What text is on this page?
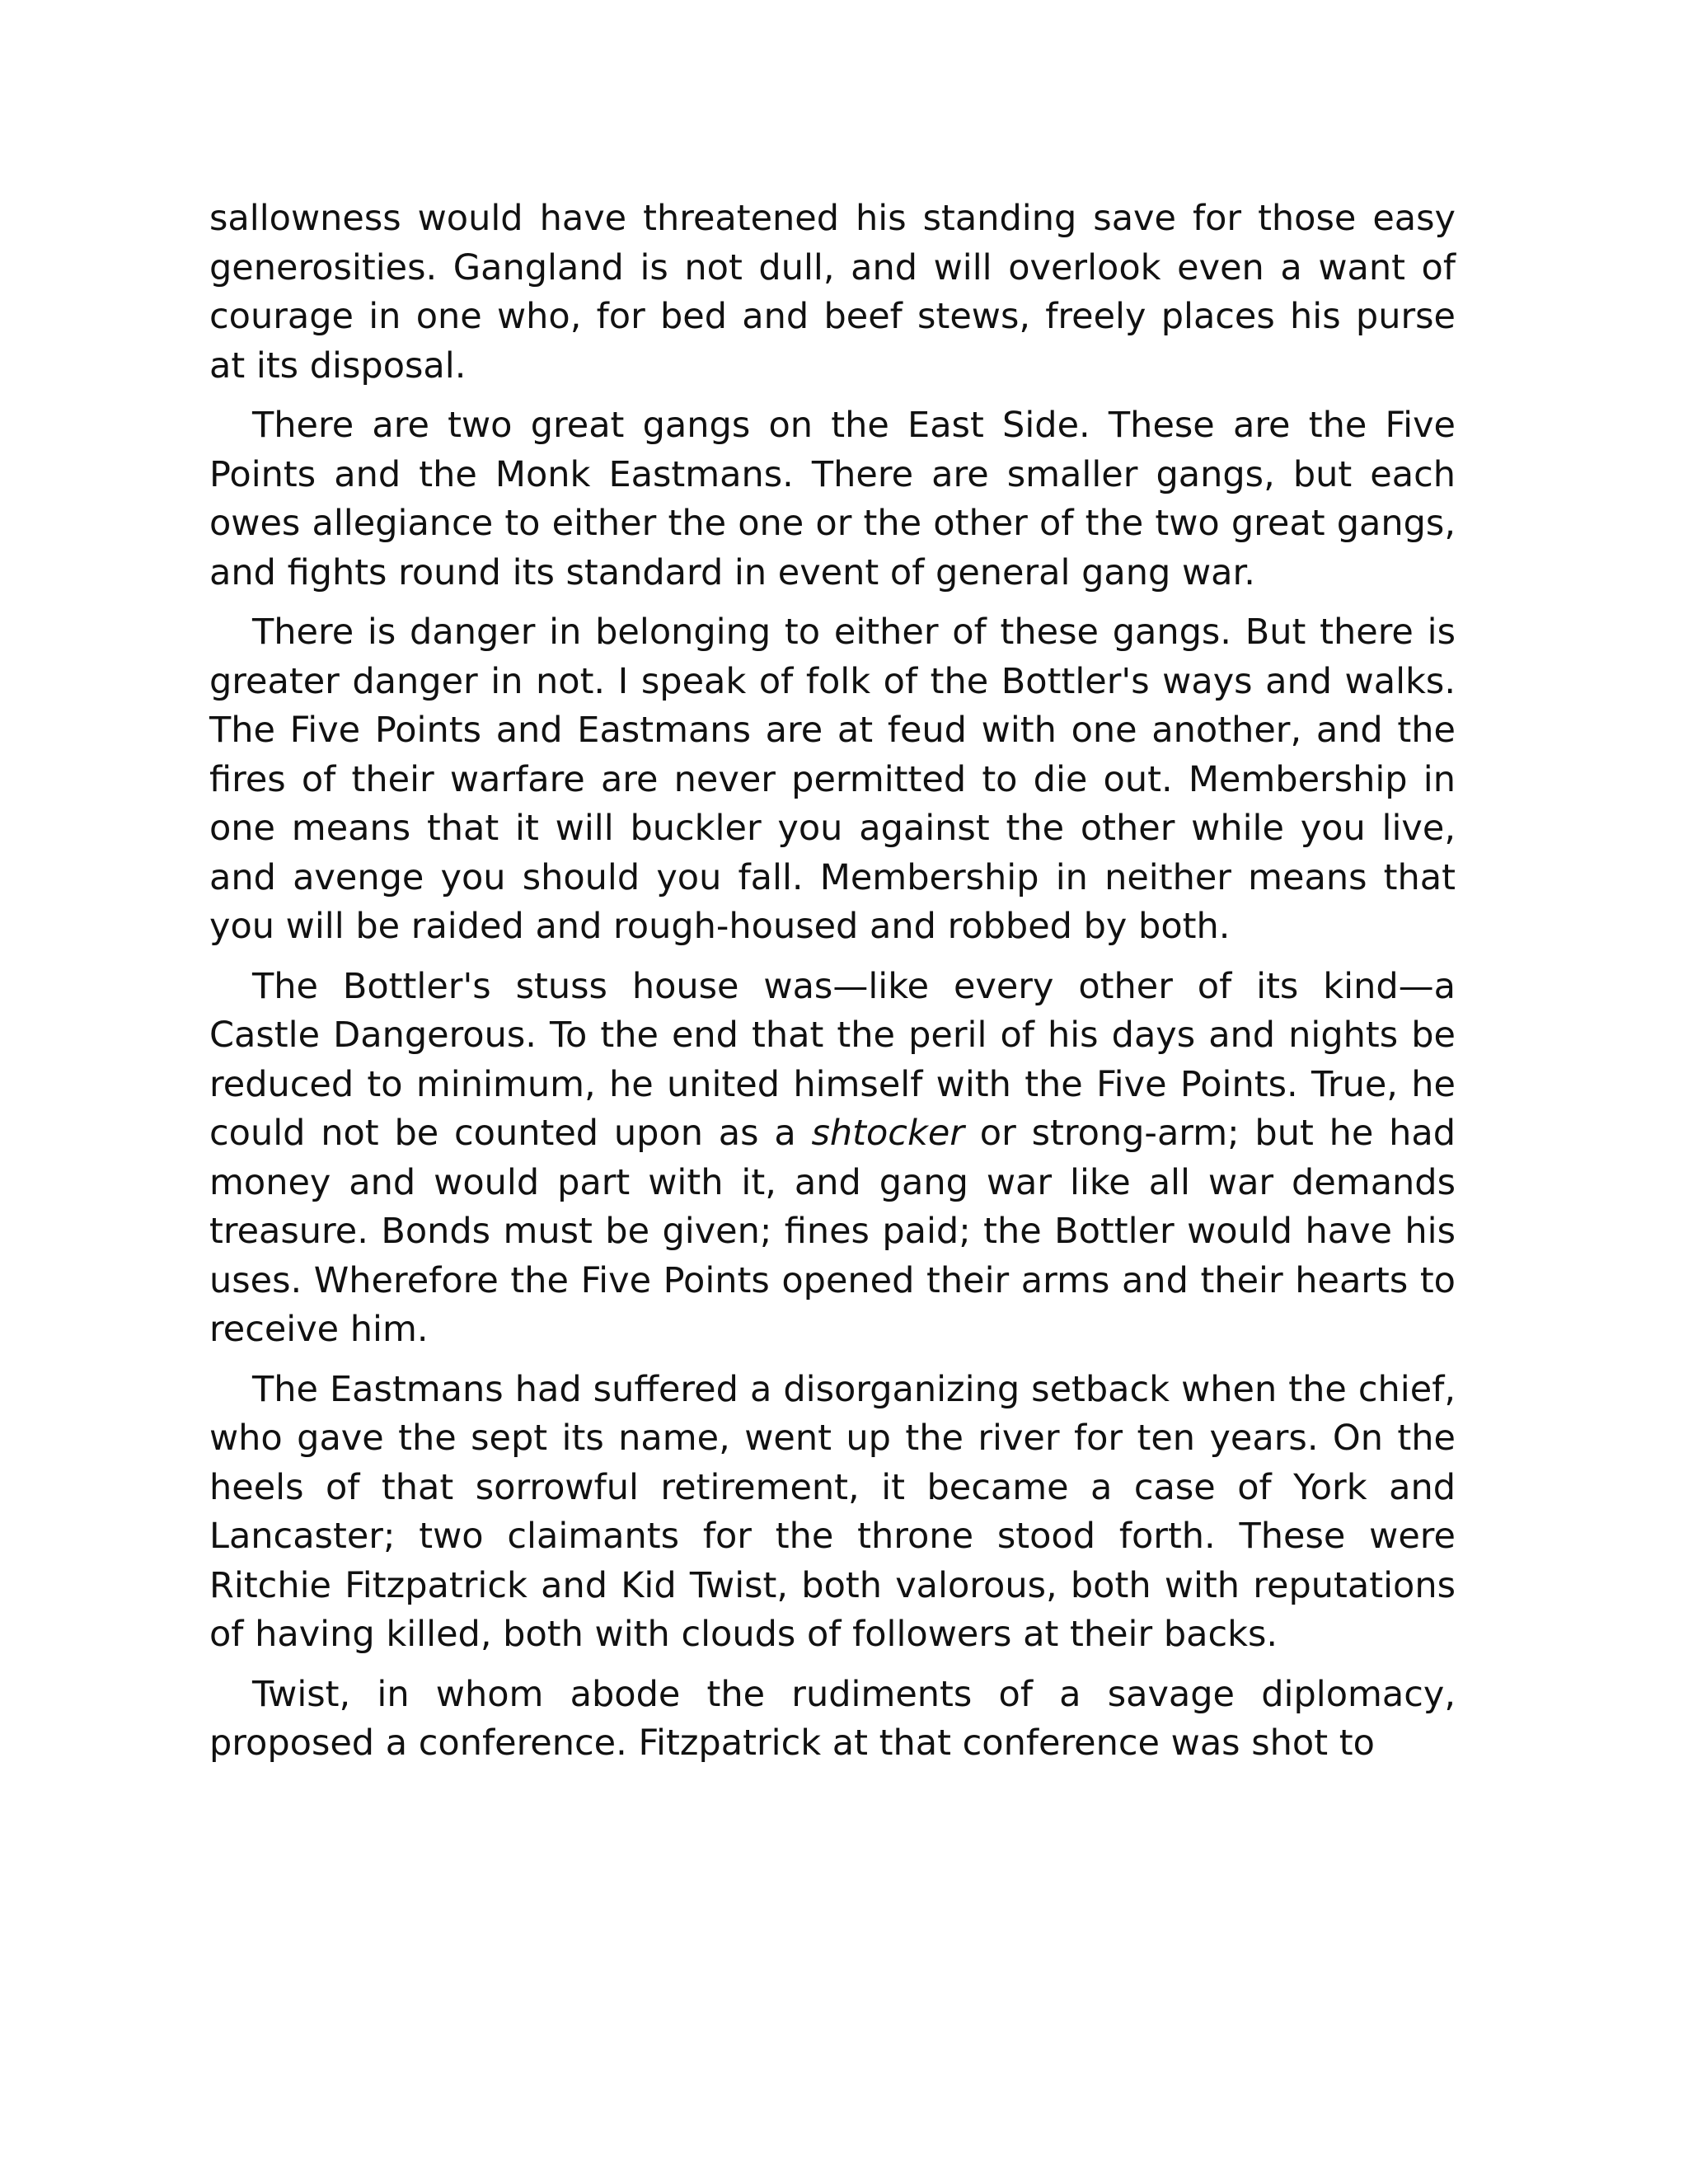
sallowness would have threatened his standing save for those easy generosities. Gangland is not dull, and will overlook even a want of courage in one who, for bed and beef stews, freely places his purse at its disposal.

There are two great gangs on the East Side. These are the Five Points and the Monk Eastmans. There are smaller gangs, but each owes allegiance to either the one or the other of the two great gangs, and fights round its standard in event of general gang war.

There is danger in belonging to either of these gangs. But there is greater danger in not. I speak of folk of the Bottler's ways and walks. The Five Points and Eastmans are at feud with one another, and the fires of their warfare are never permitted to die out. Membership in one means that it will buckler you against the other while you live, and avenge you should you fall. Membership in neither means that you will be raided and rough-housed and robbed by both.

The Bottler's stuss house was—like every other of its kind—a Castle Dangerous. To the end that the peril of his days and nights be reduced to minimum, he united himself with the Five Points. True, he could not be counted upon as a shtocker or strong-arm; but he had money and would part with it, and gang war like all war demands treasure. Bonds must be given; fines paid; the Bottler would have his uses. Wherefore the Five Points opened their arms and their hearts to receive him.

The Eastmans had suffered a disorganizing setback when the chief, who gave the sept its name, went up the river for ten years. On the heels of that sorrowful retirement, it became a case of York and Lancaster; two claimants for the throne stood forth. These were Ritchie Fitzpatrick and Kid Twist, both valorous, both with reputations of having killed, both with clouds of followers at their backs.

Twist, in whom abode the rudiments of a savage diplomacy, proposed a conference. Fitzpatrick at that conference was shot to
